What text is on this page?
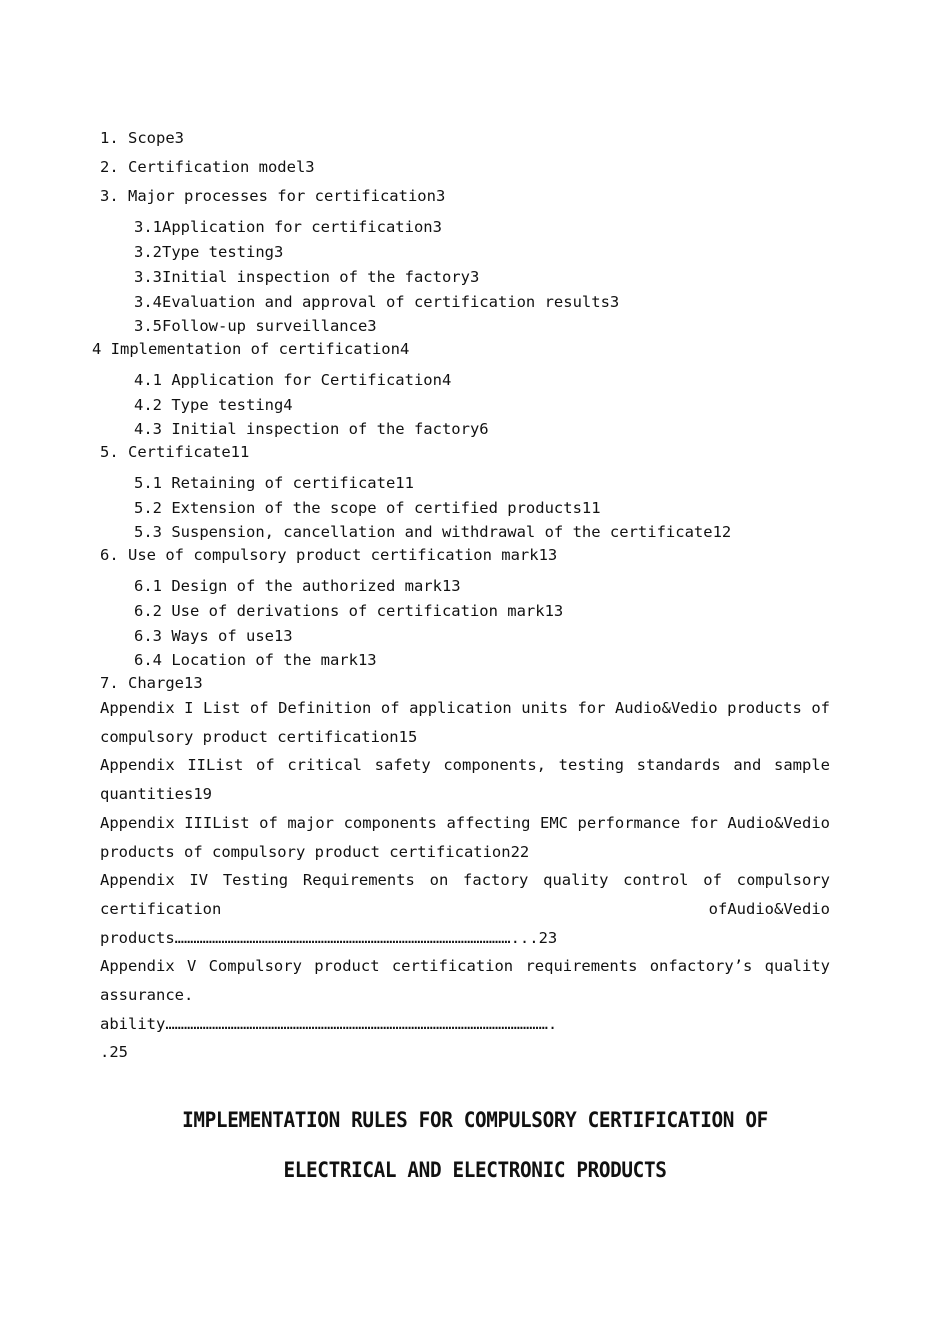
1. Scope3
2. Certification model3
3. Major processes for certification3
3.1Application for certification3
3.2Type testing3
3.3Initial inspection of the factory3
3.4Evaluation and approval of certification results3
3.5Follow-up surveillance3
4 Implementation of certification4
4.1 Application for Certification4
4.2 Type testing4
4.3 Initial inspection of the factory6
5. Certificate11
5.1 Retaining of certificate11
5.2 Extension of the scope of certified products11
5.3 Suspension, cancellation and withdrawal of the certificate12
6. Use of compulsory product certification mark13
6.1 Design of the authorized mark13
6.2 Use of derivations of certification mark13
6.3 Ways of use13
6.4 Location of the mark13
7. Charge13
Appendix I List of Definition of application units for Audio&Vedio products of compulsory product certification15
Appendix IIList of critical safety components, testing standards and sample quantities19
Appendix IIIList of major components affecting EMC performance for Audio&Vedio products of compulsory product certification22
Appendix IV Testing Requirements on factory quality control of compulsory certification ofAudio&Vedio
products………………………………………………………………………………………………...23
Appendix V Compulsory product certification requirements onfactory’s quality assurance.
ability…………………………………………………………………………………………………………….
.25
IMPLEMENTATION RULES FOR COMPULSORY CERTIFICATION OF
ELECTRICAL AND ELECTRONIC PRODUCTS
